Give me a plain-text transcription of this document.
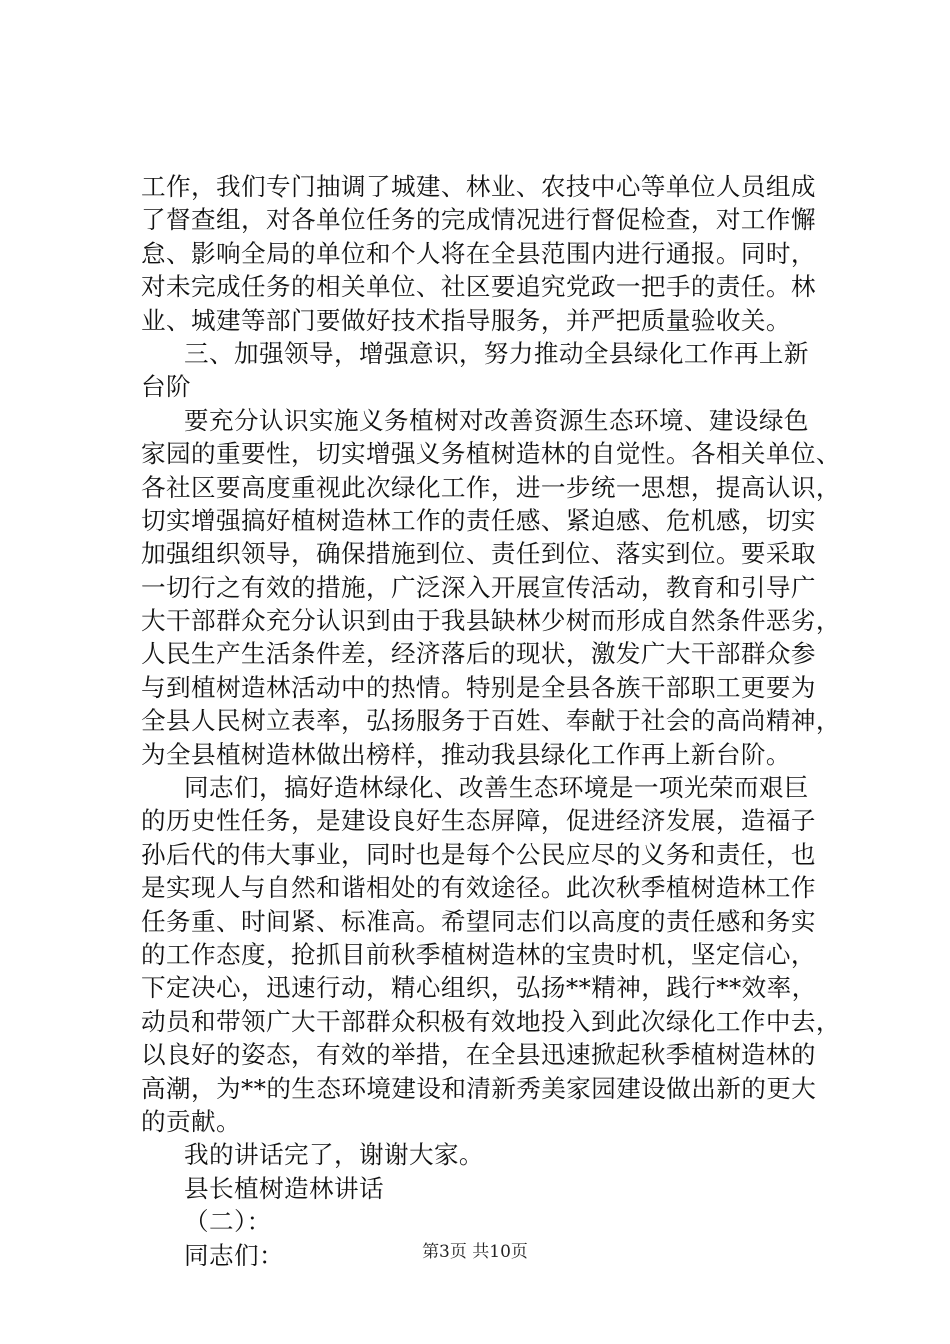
工作，我们专门抽调了城建、林业、农技中心等单位人员组成
了督查组，对各单位任务的完成情况进行督促检查，对工作懈
怠、影响全局的单位和个人将在全县范围内进行通报。同时，
对未完成任务的相关单位、社区要追究党政一把手的责任。林
业、城建等部门要做好技术指导服务，并严把质量验收关。
三、加强领导，增强意识，努力推动全县绿化工作再上新
台阶
要充分认识实施义务植树对改善资源生态环境、建设绿色
家园的重要性，切实增强义务植树造林的自觉性。各相关单位、
各社区要高度重视此次绿化工作，进一步统一思想，提高认识，
切实增强搞好植树造林工作的责任感、紧迫感、危机感，切实
加强组织领导，确保措施到位、责任到位、落实到位。要采取
一切行之有效的措施，广泛深入开展宣传活动，教育和引导广
大干部群众充分认识到由于我县缺林少树而形成自然条件恶劣，
人民生产生活条件差，经济落后的现状，激发广大干部群众参
与到植树造林活动中的热情。特别是全县各族干部职工更要为
全县人民树立表率，弘扬服务于百姓、奉献于社会的高尚精神，
为全县植树造林做出榜样，推动我县绿化工作再上新台阶。
同志们，搞好造林绿化、改善生态环境是一项光荣而艰巨
的历史性任务，是建设良好生态屏障，促进经济发展，造福子
孙后代的伟大事业，同时也是每个公民应尽的义务和责任，也
是实现人与自然和谐相处的有效途径。此次秋季植树造林工作
任务重、时间紧、标准高。希望同志们以高度的责任感和务实
的工作态度，抢抓目前秋季植树造林的宝贵时机，坚定信心，
下定决心，迅速行动，精心组织，弘扬**精神，践行**效率，
动员和带领广大干部群众积极有效地投入到此次绿化工作中去，
以良好的姿态，有效的举措，在全县迅速掀起秋季植树造林的
高潮，为**的生态环境建设和清新秀美家园建设做出新的更大
的贡献。
我的讲话完了，谢谢大家。
县长植树造林讲话
（二）：
同志们：	第3页 共10页
